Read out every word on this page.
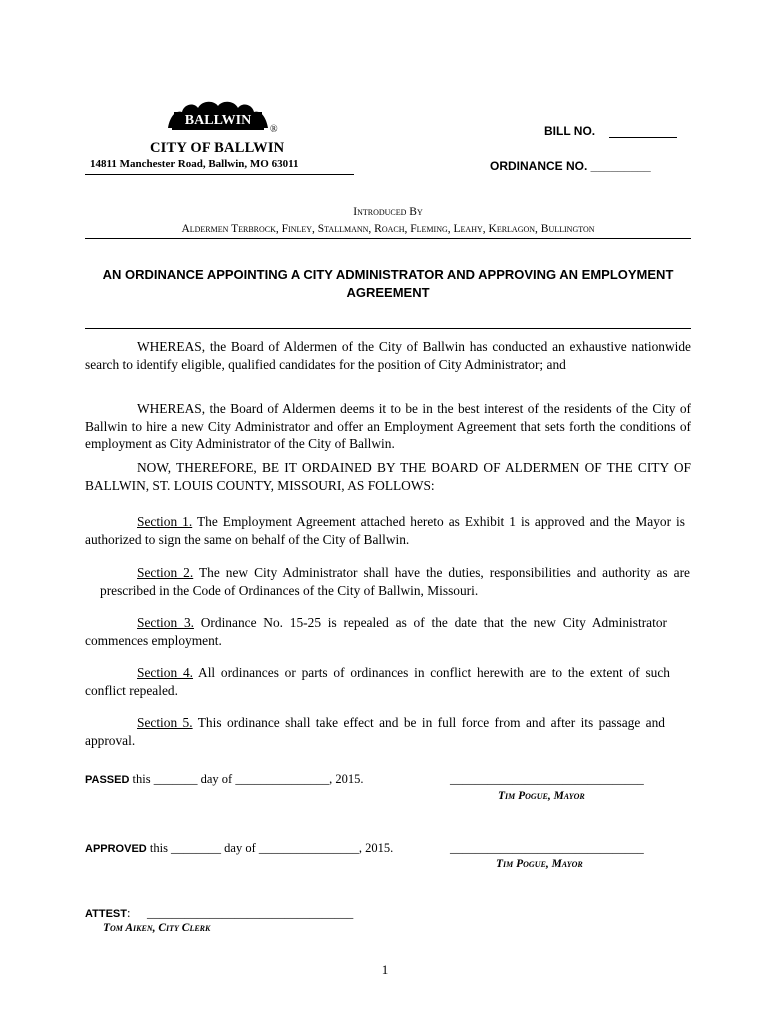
BALLWIN
®
CITY OF BALLWIN
14811 Manchester Road, Ballwin, MO 63011
BILL NO.
ORDINANCE NO. _________
Introduced By
Aldermen Terbrock, Finley, Stallmann, Roach, Fleming, Leahy, Kerlagon, Bullington
AN ORDINANCE APPOINTING A CITY ADMINISTRATOR AND APPROVING AN EMPLOYMENT AGREEMENT
WHEREAS, the Board of Aldermen of the City of Ballwin has conducted an exhaustive nationwide search to identify eligible, qualified candidates for the position of City Administrator; and
WHEREAS, the Board of Aldermen deems it to be in the best interest of the residents of the City of Ballwin to hire a new City Administrator and offer an Employment Agreement that sets forth the conditions of employment as City Administrator of the City of Ballwin.
NOW, THEREFORE, BE IT ORDAINED BY THE BOARD OF ALDERMEN OF THE CITY OF BALLWIN, ST. LOUIS COUNTY, MISSOURI, AS FOLLOWS:
Section 1. The Employment Agreement attached hereto as Exhibit 1 is approved and the Mayor is authorized to sign the same on behalf of the City of Ballwin.
Section 2. The new City Administrator shall have the duties, responsibilities and authority as are prescribed in the Code of Ordinances of the City of Ballwin, Missouri.
Section 3. Ordinance No. 15-25 is repealed as of the date that the new City Administrator commences employment.
Section 4. All ordinances or parts of ordinances in conflict herewith are to the extent of such conflict repealed.
Section 5. This ordinance shall take effect and be in full force from and after its passage and approval.
PASSED this _______ day of _______________, 2015.	_______________________________
Tim Pogue, Mayor
APPROVED this ________ day of ________________, 2015.	_______________________________
Tim Pogue, Mayor
ATTEST: _________________________________
Tom Aiken, City Clerk
1
